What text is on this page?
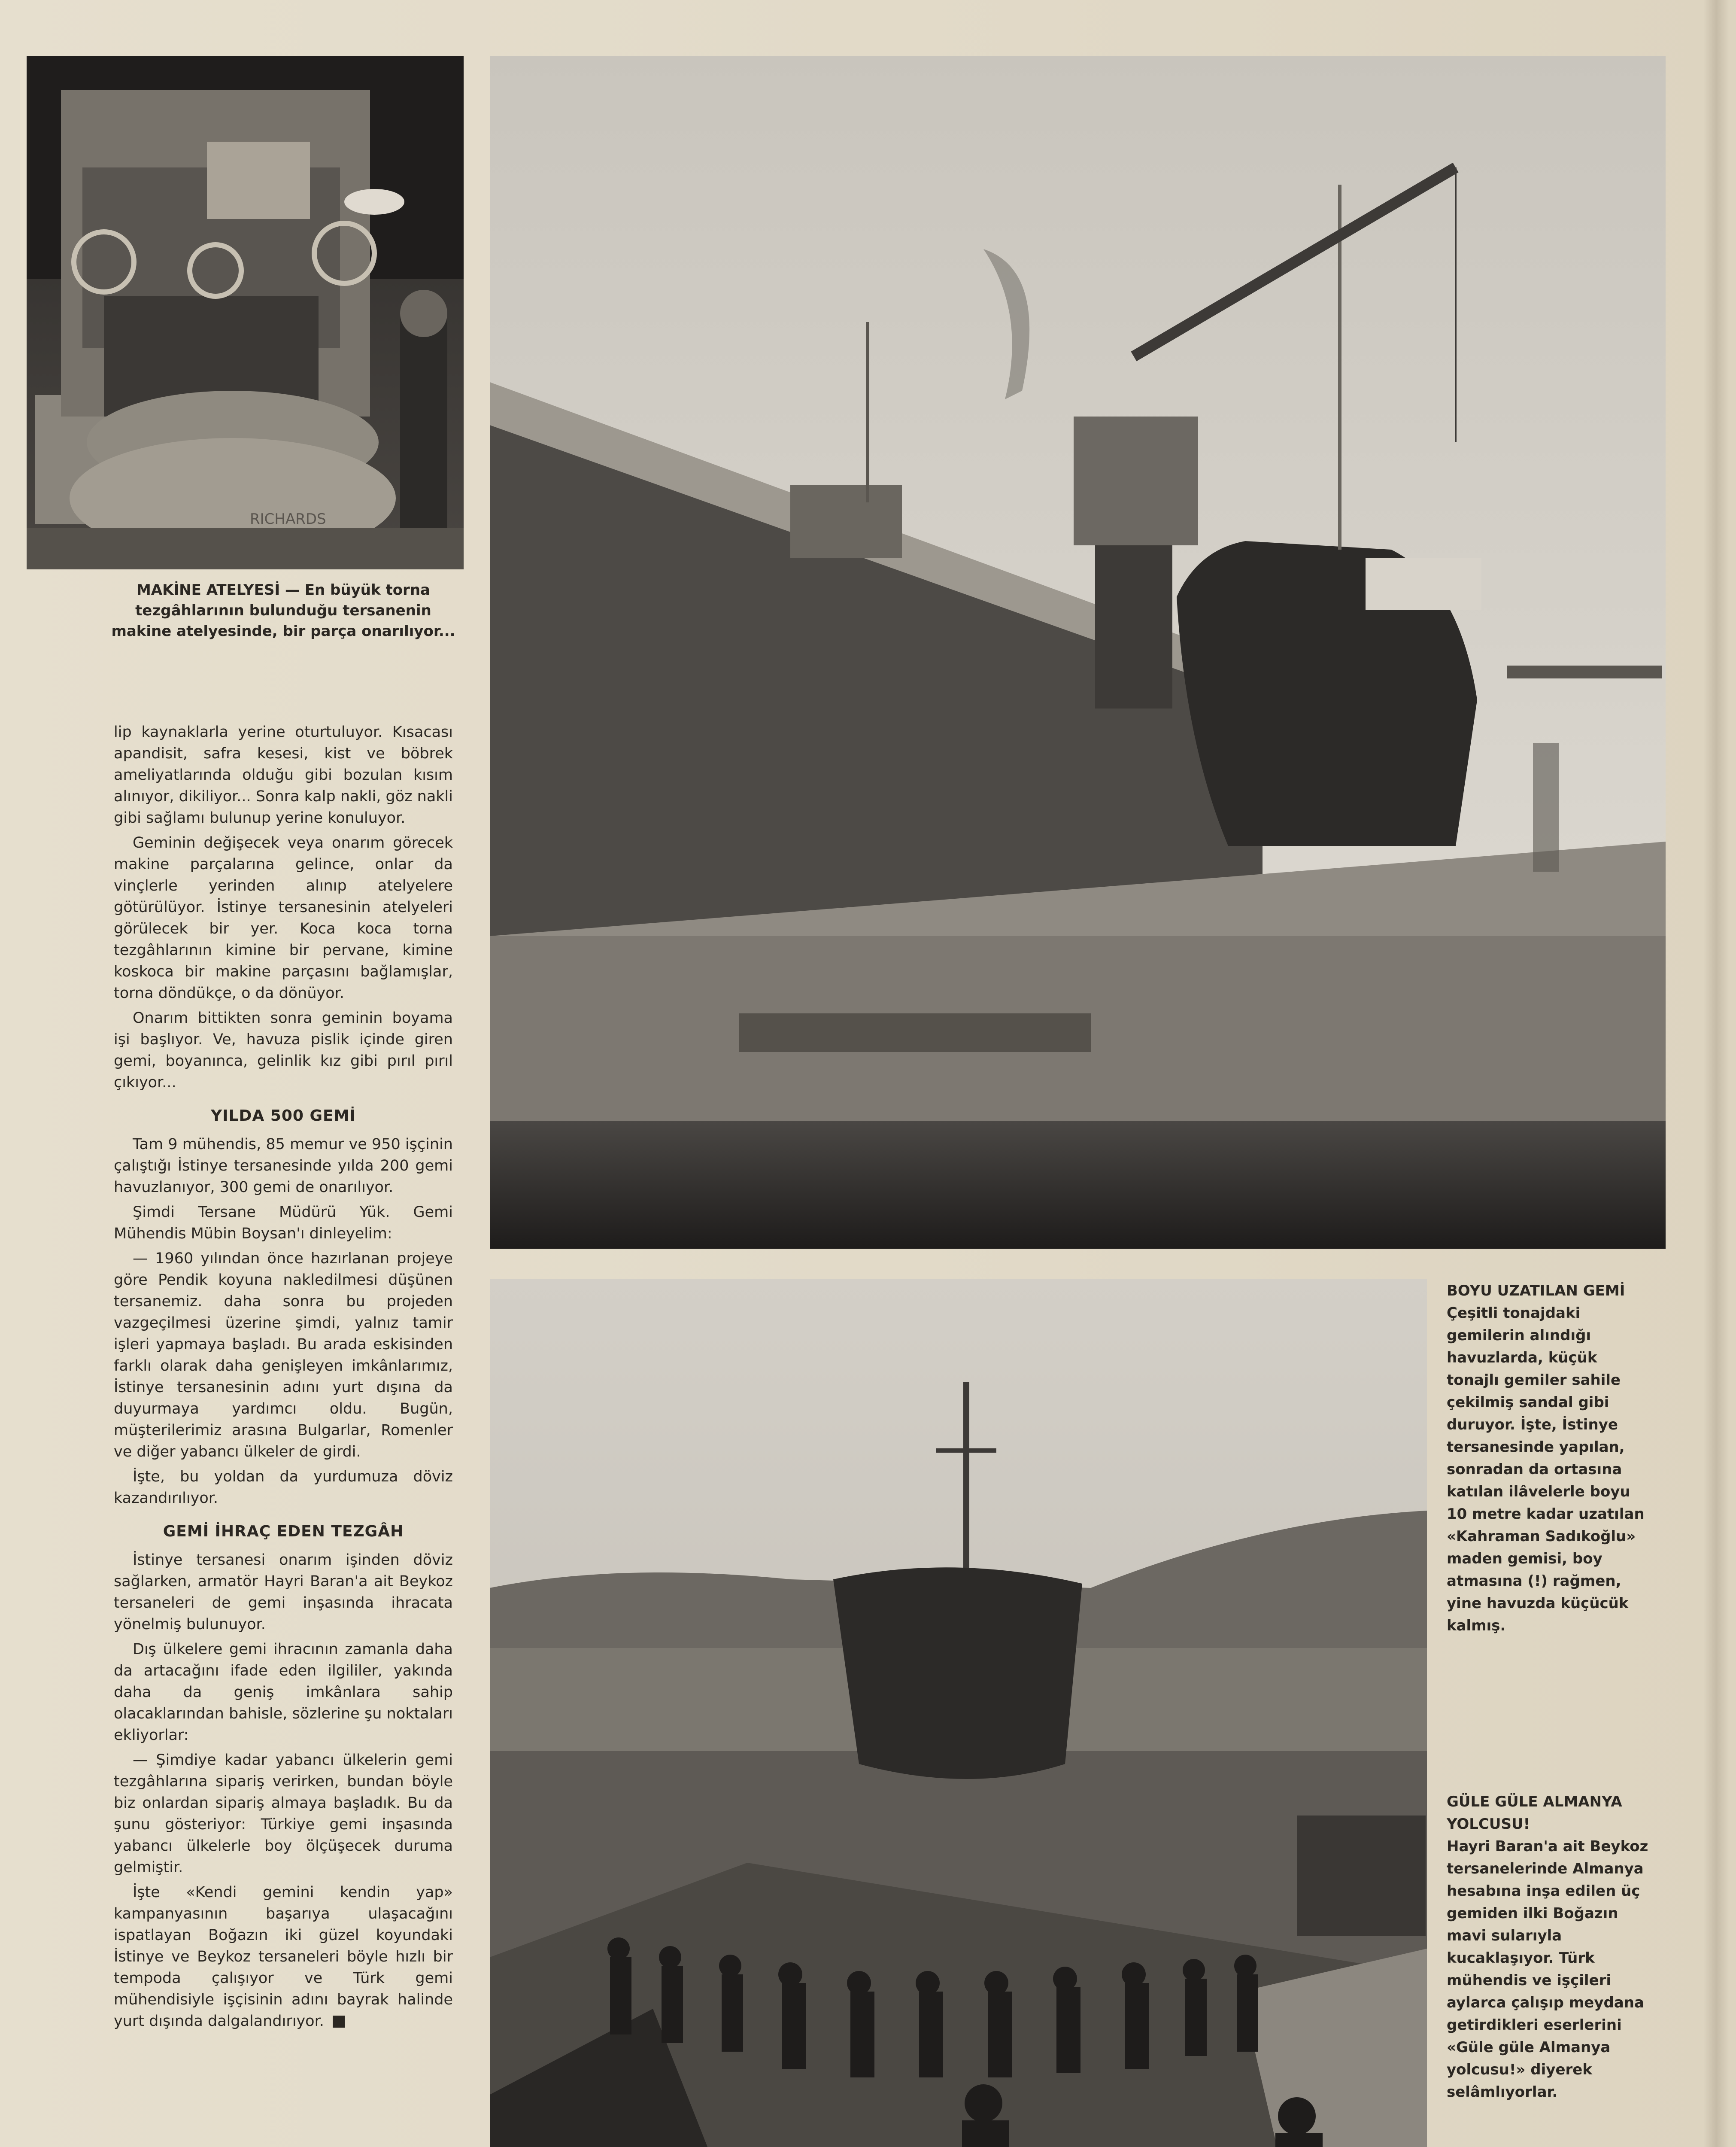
RICHARDS
MAKİNE ATELYESİ — En büyük torna tezgâhlarının bulunduğu tersanenin makine atelyesinde, bir parça onarılıyor...

lip kaynaklarla yerine oturtuluyor. Kısacası apandisit, safra kesesi, kist ve böbrek ameliyatlarında olduğu gibi bozulan kısım alınıyor, dikiliyor... Sonra kalp nakli, göz nakli gibi sağlamı bulunup yerine konuluyor.

Geminin değişecek veya onarım görecek makine parçalarına gelince, onlar da vinçlerle yerinden alınıp atelyelere götürülüyor. İstinye tersanesinin atelyeleri görülecek bir yer. Koca koca torna tezgâhlarının kimine bir pervane, kimine koskoca bir makine parçasını bağlamışlar, torna döndükçe, o da dönüyor.

Onarım bittikten sonra geminin boyama işi başlıyor. Ve, havuza pislik içinde giren gemi, boyanınca, gelinlik kız gibi pırıl pırıl çıkıyor...

YILDA 500 GEMİ

Tam 9 mühendis, 85 memur ve 950 işçinin çalıştığı İstinye tersanesinde yılda 200 gemi havuzlanıyor, 300 gemi de onarılıyor.

Şimdi Tersane Müdürü Yük. Gemi Mühendis Mübin Boysan'ı dinleyelim:

— 1960 yılından önce hazırlanan projeye göre Pendik koyuna nakledilmesi düşünen tersanemiz. daha sonra bu projeden vazgeçilmesi üzerine şimdi, yalnız tamir işleri yapmaya başladı. Bu arada eskisinden farklı olarak daha genişleyen imkânlarımız, İstinye tersanesinin adını yurt dışına da duyurmaya yardımcı oldu. Bugün, müşterilerimiz arasına Bulgarlar, Romenler ve diğer yabancı ülkeler de girdi.

İşte, bu yoldan da yurdumuza döviz kazandırılıyor.

GEMİ İHRAÇ EDEN TEZGÂH

İstinye tersanesi onarım işinden döviz sağlarken, armatör Hayri Baran'a ait Beykoz tersaneleri de gemi inşasında ihracata yönelmiş bulunuyor.

Dış ülkelere gemi ihracının zamanla daha da artacağını ifade eden ilgililer, yakında daha da geniş imkânlara sahip olacaklarından bahisle, sözlerine şu noktaları ekliyorlar:

— Şimdiye kadar yabancı ülkelerin gemi tezgâhlarına sipariş verirken, bundan böyle biz onlardan sipariş almaya başladık. Bu da şunu gösteriyor: Türkiye gemi inşasında yabancı ülkelerle boy ölçüşecek duruma gelmiştir.

İşte «Kendi gemini kendin yap» kampanyasının başarıya ulaşacağını ispatlayan Boğazın iki güzel koyundaki İstinye ve Beykoz tersaneleri böyle hızlı bir tempoda çalışıyor ve Türk gemi mühendisiyle işçisinin adını bayrak halinde yurt dışında dalgalandırıyor.

BOYU UZATILAN GEMİ
Çeşitli tonajdaki gemilerin alındığı havuzlarda, küçük tonajlı gemiler sahile çekilmiş sandal gibi duruyor. İşte, İstinye tersanesinde yapılan, sonradan da ortasına katılan ilâvelerle boyu 10 metre kadar uzatılan «Kahraman Sadıkoğlu» maden gemisi, boy atmasına (!) rağmen, yine havuzda küçücük kalmış.
GÜLE GÜLE ALMANYA YOLCUSU!
Hayri Baran'a ait Beykoz tersanelerinde Almanya hesabına inşa edilen üç gemiden ilki Boğazın mavi sularıyla kucaklaşıyor. Türk mühendis ve işçileri aylarca çalışıp meydana getirdikleri eserlerini «Güle güle Almanya yolcusu!» diyerek selâmlıyorlar.
